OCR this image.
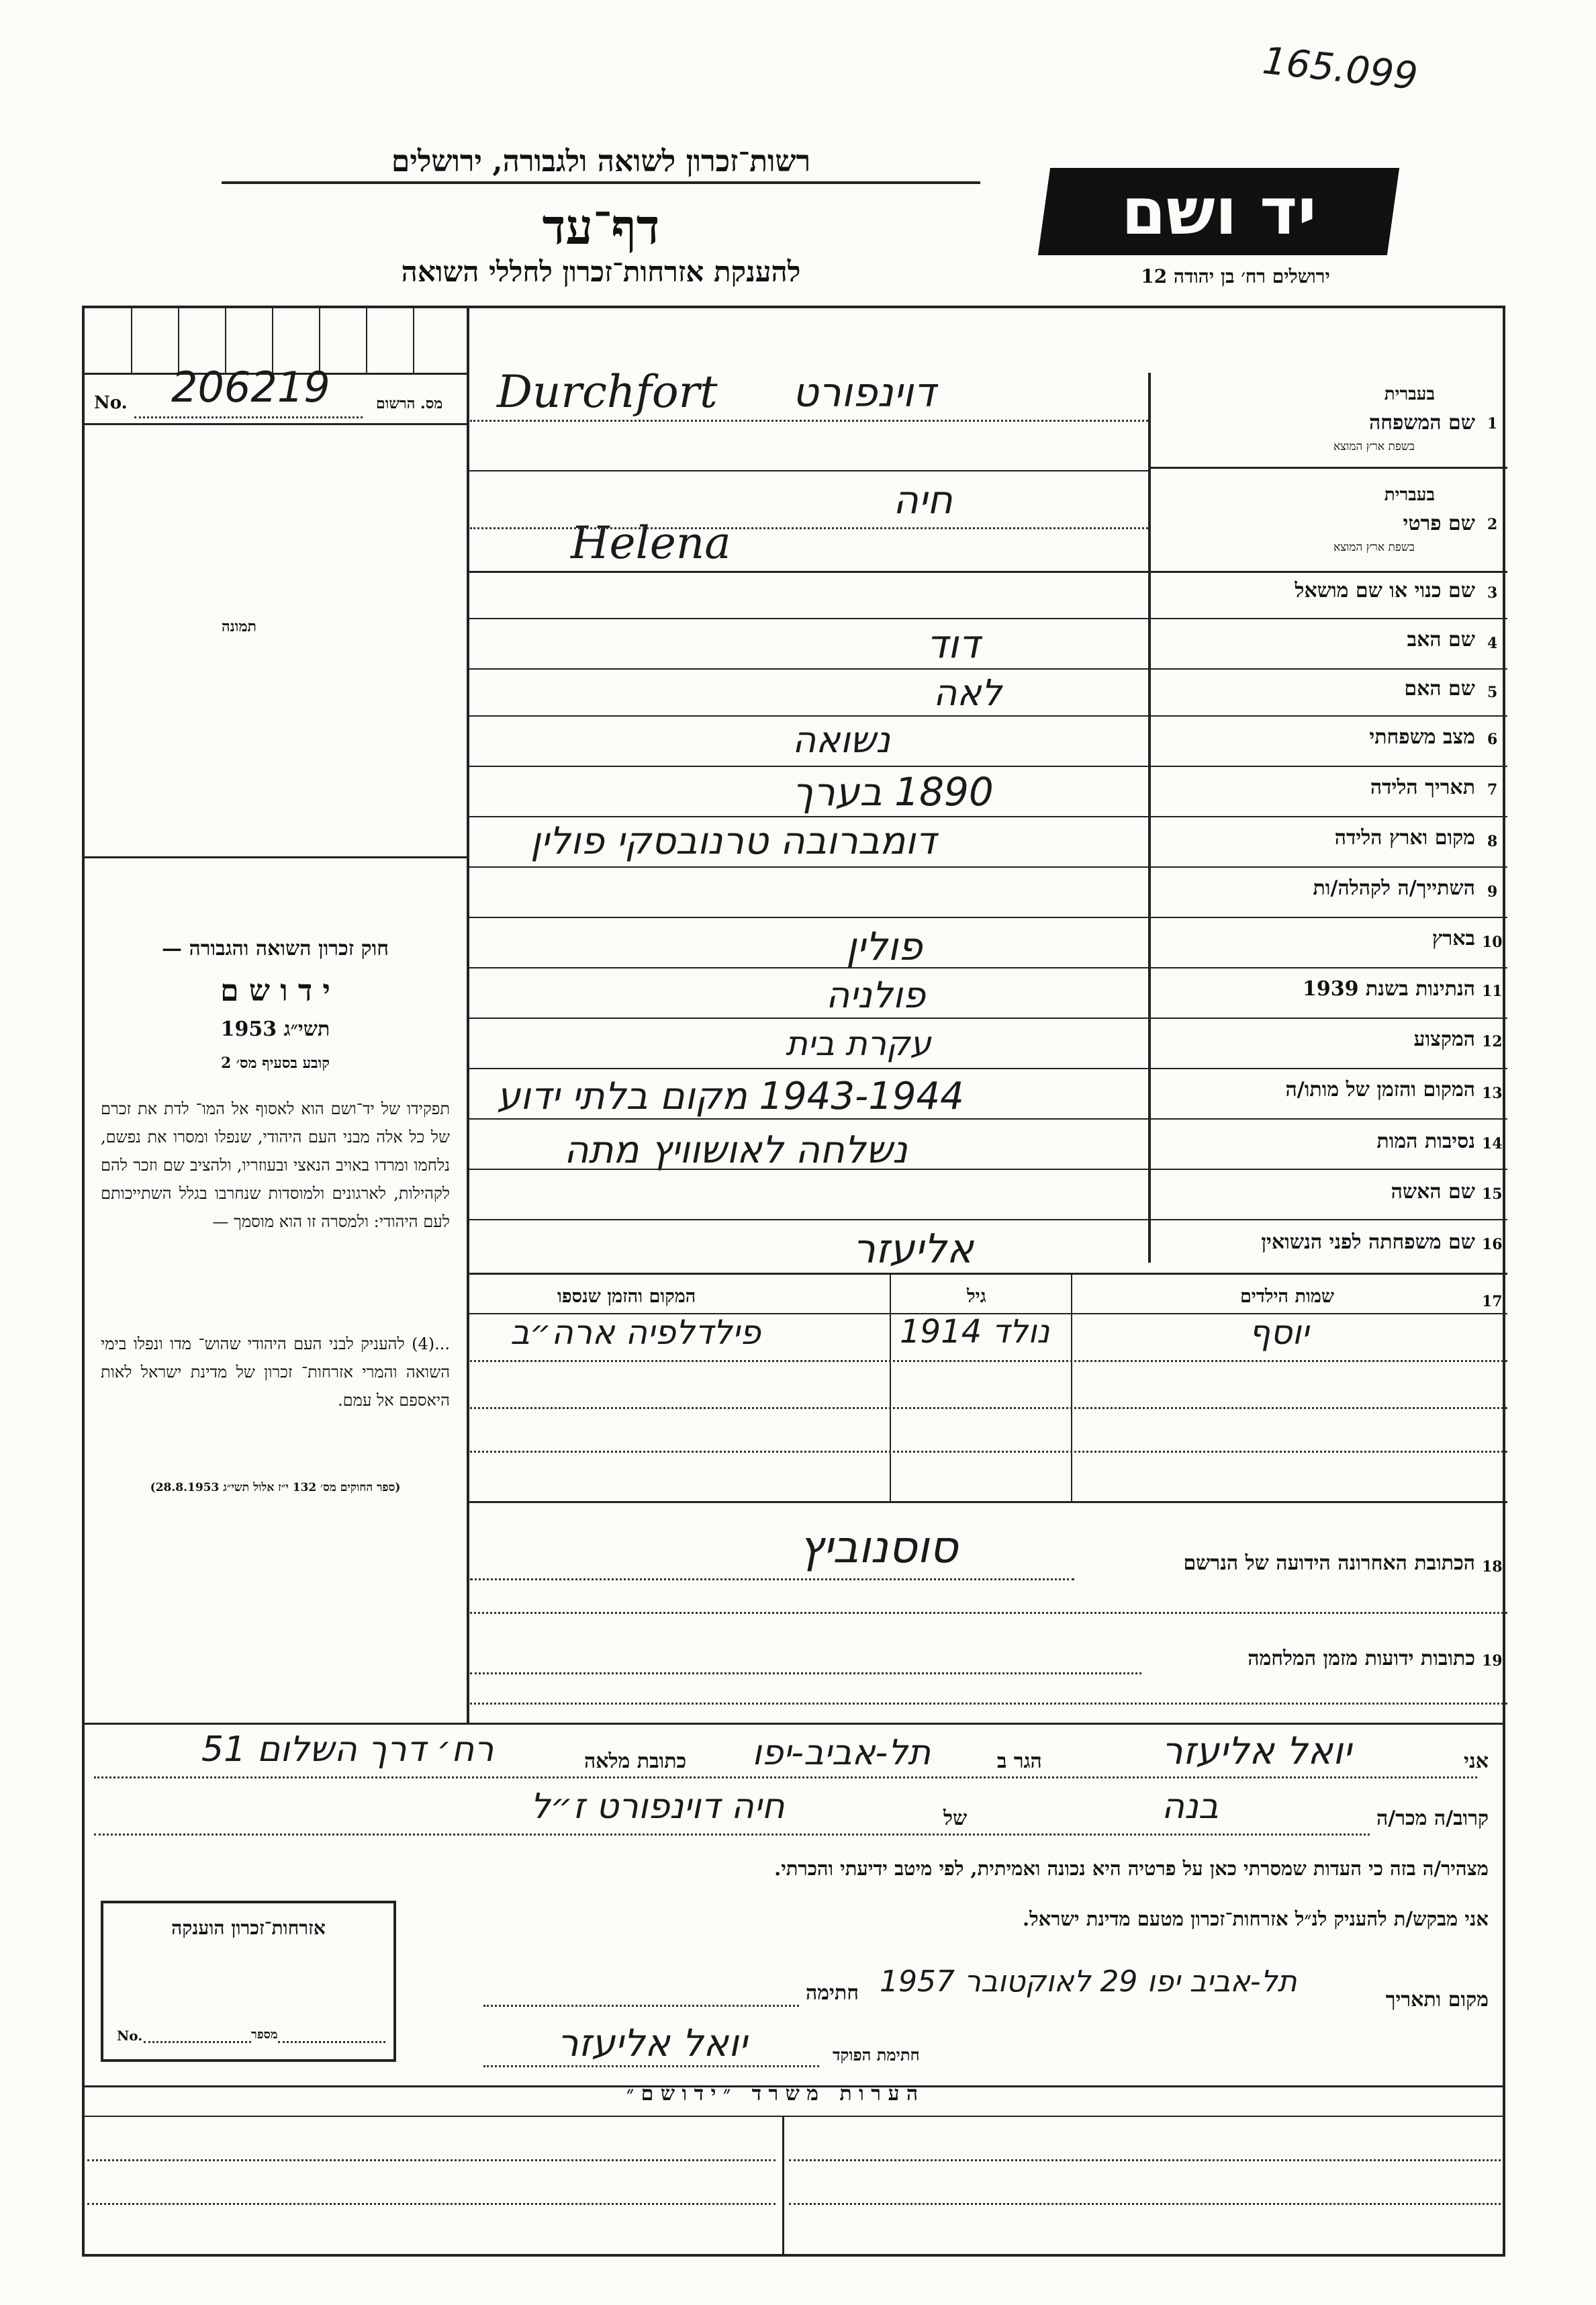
165.099
רשות־זכרון לשואה ולגבורה, ירושלים
דף־עד
להענקת אזרחות־זכרון לחללי השואה
יד ושם
ירושלים רח׳ בן יהודה 12
No. 206219	מס. הרשום
תמונה
חוק זכרון השואה והגבורה —
י ד ו ש ם
תשי״ג 1953
קובע בסעיף מס׳ 2
תפקידו של יד־ושם הוא לאסוף אל המו־ לדת את זכרם של כל אלה מבני העם היהודי, שנפלו ומסרו את נפשם, נלחמו ומרדו באויב הנאצי ובעוזריו, ולהציב שם וזכר להם לקהילות, לארגונים ולמוסדות שנחרבו בגלל השתייכותם לעם היהודי: ולמסרה זו הוא מוסמך —
...(4) להעניק לבני העם היהודי שהוש־ מדו ונפלו בימי השואה והמרי אזרחות־ זכרון של מדינת ישראל לאות היאספם אל עמם.
(ספר החוקים מס׳ 132 י״ז אלול תשי״ג 28.8.1953)
1
שם המשפחה
בעברית
בשפת ארץ המוצא
דוינפורט
Durchfort
2
שם פרטי
בעברית
בשפת ארץ המוצא
חיה
Helena
3
שם כנוי או שם מושאל
4
שם האב
דוד
5
שם האם
לאה
6
מצב משפחתי
נשואה
7
תאריך הלידה
1890 בערך
8
מקום וארץ הלידה
דומברובה טרנובסקי פולין
9
השתייך/ה לקהלה/ות
10
בארץ
פולין
11
הנתינות בשנת 1939
פולניה
12
המקצוע
עקרת בית
13
המקום והזמן של מותו/ה
1943-1944 מקום בלתי ידוע
14
נסיבות המות
נשלחה לאושוויץ מתה
15
שם האשה
16
שם משפחתה לפני הנשואין
אליעזר
17
שמות הילדים
גיל
המקום והזמן שנספו
יוסף
נולד 1914
פילדלפיה ארה״ב
18
הכתובת האחרונה הידועה של הנרשם
סוסנוביץ
19
כתובות ידועות מזמן המלחמה
אני
יואל אליעזר
הגר ב
תל-אביב-יפו
כתובת מלאה
רח׳ דרך השלום 51
קרוב/ה מכר/ה
בנה
של
חיה דוינפורט ז״ל
מצהיר/ה בזה כי העדות שמסרתי כאן על פרטיה היא נכונה ואמיתית, לפי מיטב ידיעתי והכרתי.
אני מבקש/ת להעניק לנ״ל אזרחות־זכרון מטעם מדינת ישראל.
מקום ותאריך
תל-אביב יפו 29 לאוקטובר 1957
חתימה
חתימת הפוקד
יואל אליעזר
אזרחות־זכרון הוענקה
No.	מספר
ה ע ר ו ת   מ ש ר ד   ״ י ד ו ש ם ״
